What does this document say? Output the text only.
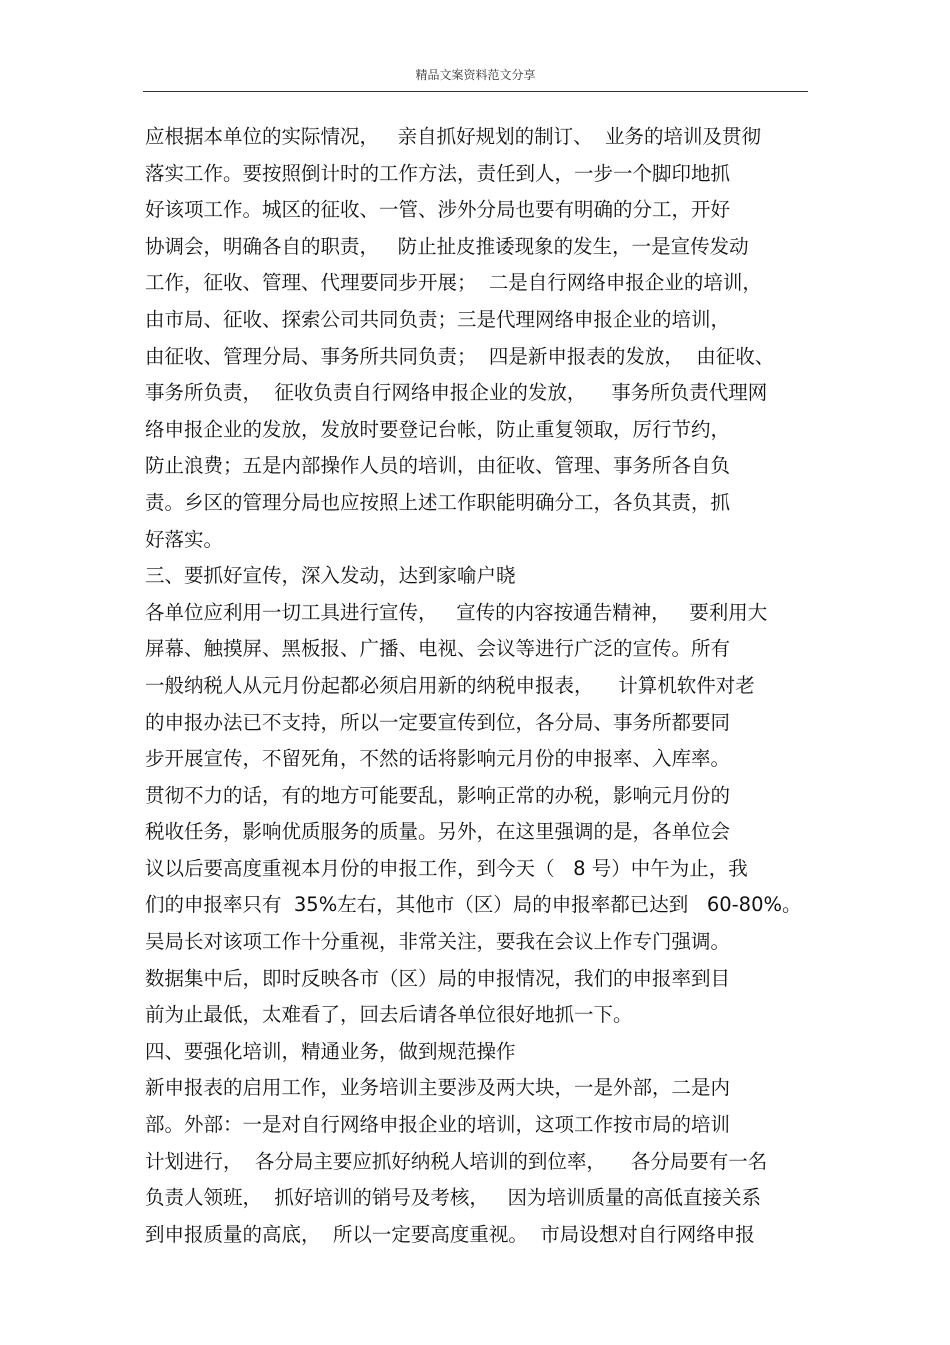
精品文案资料范文分享
应根据本单位的实际情况，   亲自抓好规划的制订、  业务的培训及贯彻
落实工作。要按照倒计时的工作方法，责任到人，一步一个脚印地抓
好该项工作。城区的征收、一管、涉外分局也要有明确的分工，开好
协调会，明确各自的职责，   防止扯皮推诿现象的发生，一是宣传发动
工作，征收、管理、代理要同步开展；  二是自行网络申报企业的培训，
由市局、征收、探索公司共同负责；三是代理网络申报企业的培训，
由征收、管理分局、事务所共同负责；  四是新申报表的发放，  由征收、
事务所负责，  征收负责自行网络申报企业的发放，    事务所负责代理网
络申报企业的发放，发放时要登记台帐，防止重复领取，厉行节约，
防止浪费；五是内部操作人员的培训，由征收、管理、事务所各自负
责。乡区的管理分局也应按照上述工作职能明确分工，各负其责，抓
好落实。
三、要抓好宣传，深入发动，达到家喻户晓
各单位应利用一切工具进行宣传，   宣传的内容按通告精神，   要利用大
屏幕、触摸屏、黑板报、广播、电视、会议等进行广泛的宣传。所有
一般纳税人从元月份起都必须启用新的纳税申报表，    计算机软件对老
的申报办法已不支持，所以一定要宣传到位，各分局、事务所都要同
步开展宣传，不留死角，不然的话将影响元月份的申报率、入库率。
贯彻不力的话，有的地方可能要乱，影响正常的办税，影响元月份的
税收任务，影响优质服务的质量。另外，在这里强调的是，各单位会
议以后要高度重视本月份的申报工作，到今天（   8 号）中午为止，我
们的申报率只有  35%左右，其他市（区）局的申报率都已达到   60-80%。
吴局长对该项工作十分重视，非常关注，要我在会议上作专门强调。
数据集中后，即时反映各市（区）局的申报情况，我们的申报率到目
前为止最低，太难看了，回去后请各单位很好地抓一下。
四、要强化培训，精通业务，做到规范操作
新申报表的启用工作，业务培训主要涉及两大块，一是外部，二是内
部。外部：一是对自行网络申报企业的培训，这项工作按市局的培训
计划进行，  各分局主要应抓好纳税人培训的到位率，    各分局要有一名
负责人领班，  抓好培训的销号及考核，   因为培训质量的高低直接关系
到申报质量的高底，  所以一定要高度重视。  市局设想对自行网络申报
